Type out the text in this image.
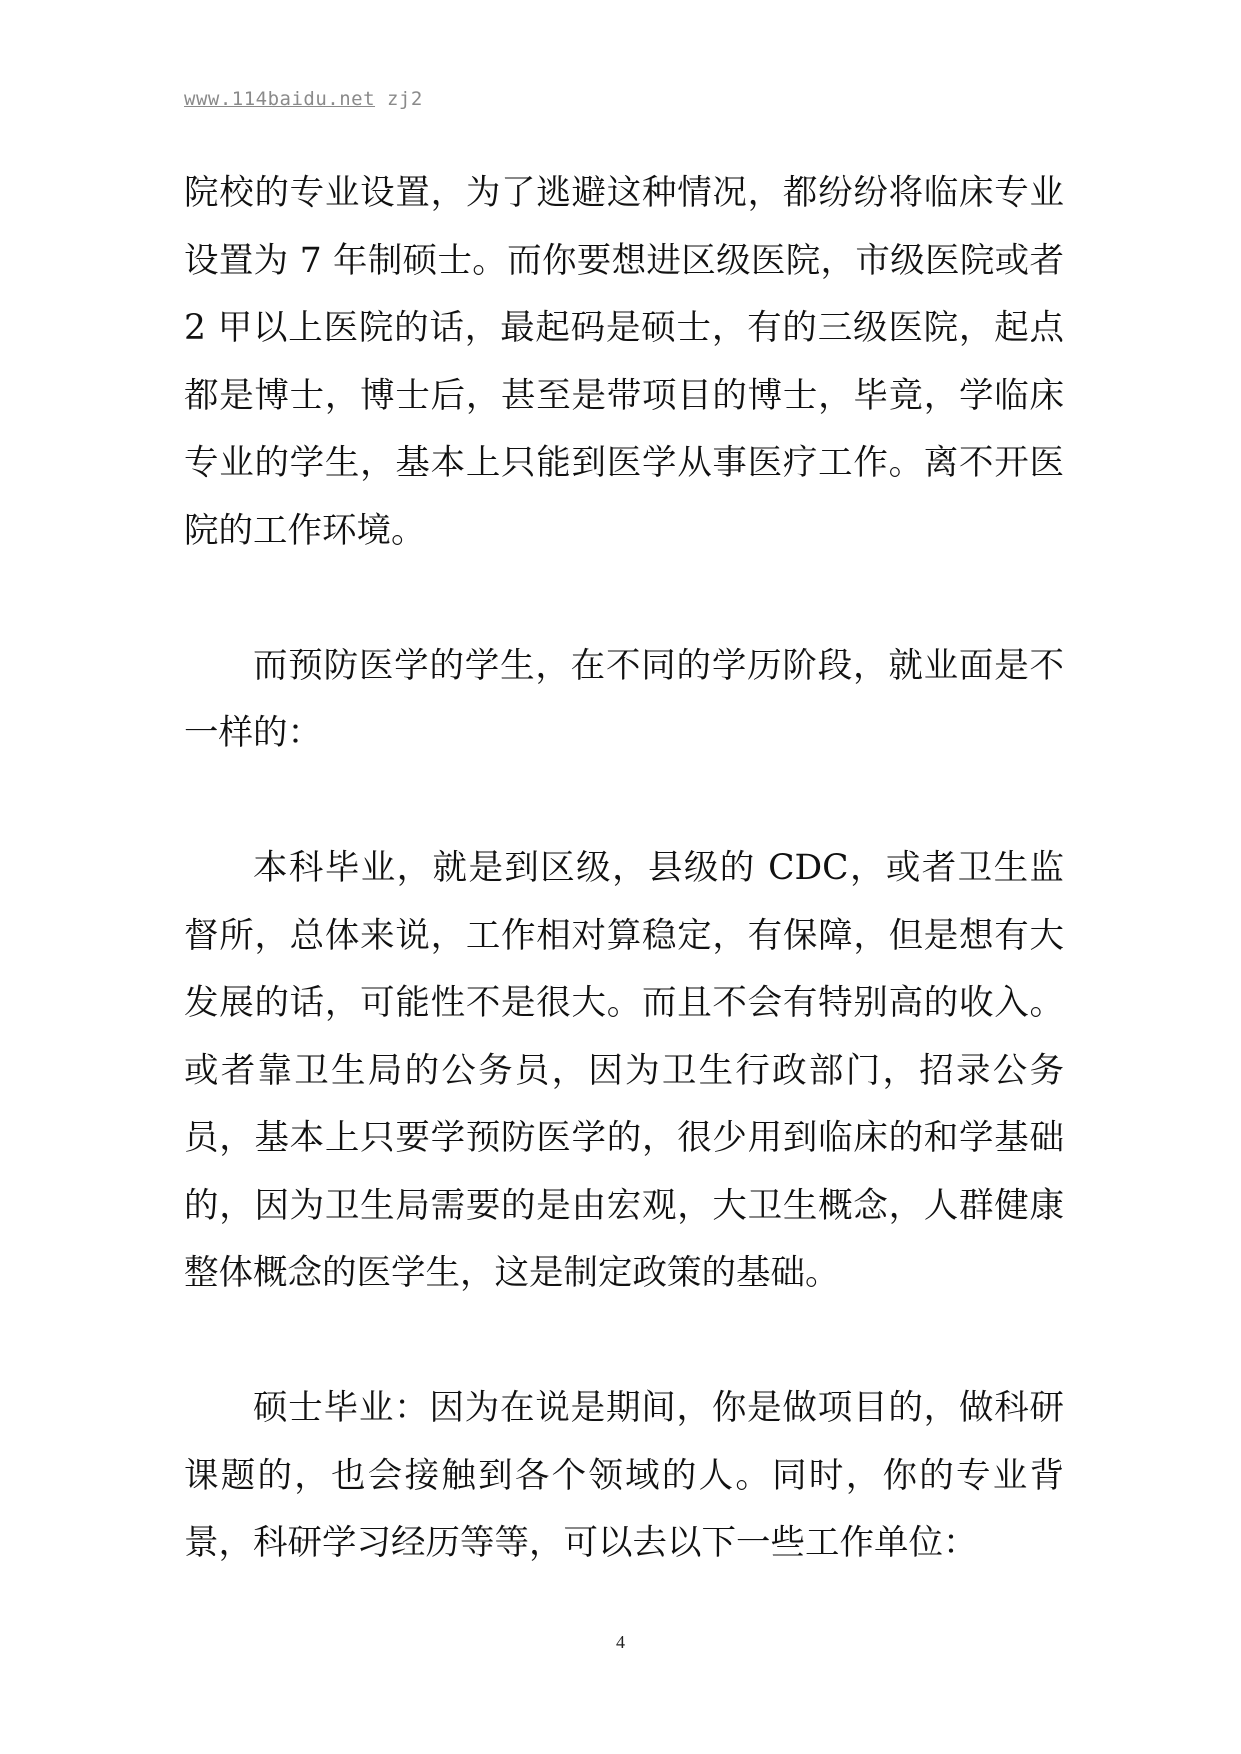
www.114baidu.net zj2

院校的专业设置，为了逃避这种情况，都纷纷将临床专业设置为 7 年制硕士。而你要想进区级医院，市级医院或者 2 甲以上医院的话，最起码是硕士，有的三级医院，起点都是博士，博士后，甚至是带项目的博士，毕竟，学临床专业的学生，基本上只能到医学从事医疗工作。离不开医院的工作环境。

而预防医学的学生，在不同的学历阶段，就业面是不一样的：

本科毕业，就是到区级，县级的 CDC，或者卫生监督所，总体来说，工作相对算稳定，有保障，但是想有大发展的话，可能性不是很大。而且不会有特别高的收入。或者靠卫生局的公务员，因为卫生行政部门，招录公务员，基本上只要学预防医学的，很少用到临床的和学基础的，因为卫生局需要的是由宏观，大卫生概念，人群健康整体概念的医学生，这是制定政策的基础。

硕士毕业：因为在说是期间，你是做项目的，做科研课题的，也会接触到各个领域的人。同时，你的专业背景，科研学习经历等等，可以去以下一些工作单位：

4
